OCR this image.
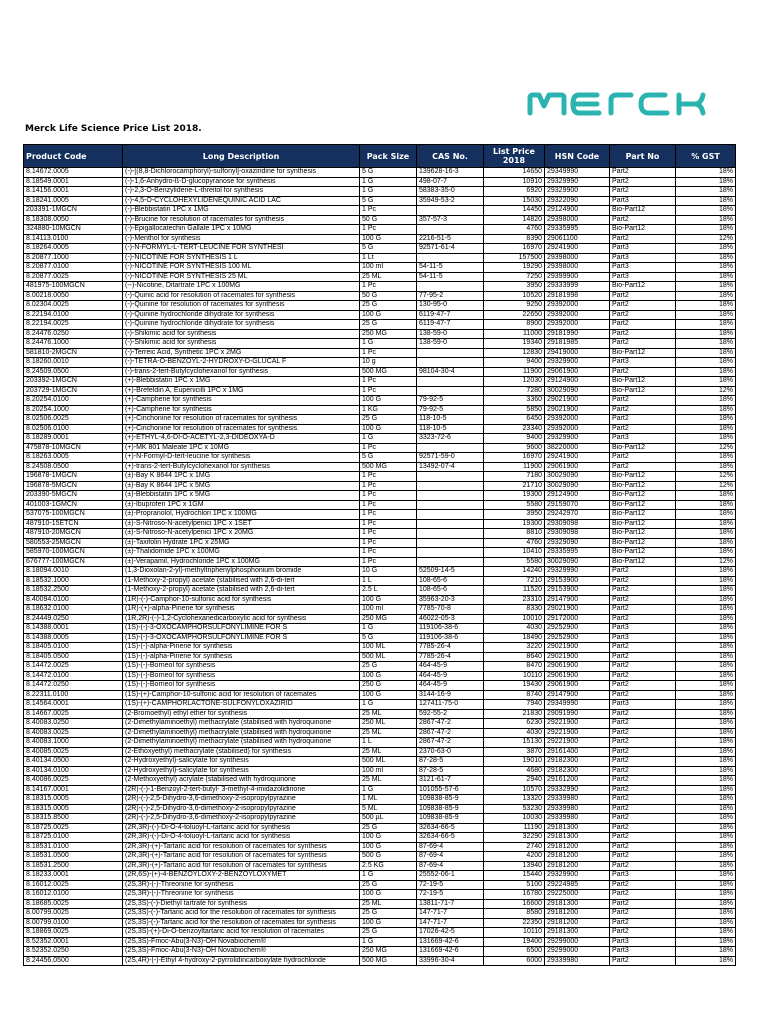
Merck Life Science Price List 2018.
Product Code	Long Description	Pack Size	CAS No.	List Price 2018	HSN Code	Part No	% GST
8.14672.0005	(-)-[(8,8-Dichlorocamphoryl)-sulfonyl]-oxaziridine for synthesis	5 G	139628-16-3	14650	29349990	Part2	18%
8.18549.0001	(-)-1,6-Anhydro-ß-D-glucopyranose for synthesis	1 G	498-07-7	10910	29329990	Part2	18%
8.14156.0001	(-)-2,3-O-Benzylidene-L-threitol for synthesis	1 G	58383-35-0	6920	29329900	Part2	18%
8.18241.0005	(-)-4,5-O-CYCLOHEXYLIDENEQUINIC ACID LAC	5 G	35949-53-2	15030	29322090	Part3	18%
203391-1MGCN	(-)-Blebbistatin 1PC x 1MG	1 Pc		14450	29124900	Bio-Part12	18%
8.18308.0050	(-)-Brucine for resolution of racemates for synthesis	50 G	357-57-3	14820	29398000	Part2	18%
324880-10MGCN	(-)-Epigallocatechin Gallate 1PC x 10MG	1 Pc		4760	29335995	Bio-Part12	18%
8.14113.0100	(-)-Menthol for synthesis	100 G	2216-51-5	8390	29061100	Part2	12%
8.18264.0005	(-)-N-FORMYL-L-TERT-LEUCINE FOR SYNTHESI	5 G	92571-61-4	16970	29241900	Part3	18%
8.20877.1000	(-)-NICOTINE FOR SYNTHESIS 1 L	1 Lt		157500	29398000	Part3	18%
8.20877.0100	(-)-NICOTINE FOR SYNTHESIS 100 ML	100 ml	54-11-5	19290	29398000	Part3	18%
8.20877.0025	(-)-NICOTINE FOR SYNTHESIS 25 ML	25 ML	54-11-5	7250	29399900	Part3	18%
481975-100MGCN	(--)-Nicotine, Ditartrate 1PC x 100MG	1 Pc		3950	29333999	Bio-Part12	18%
8.00218.0050	(-)-Quinic acid for resolution of racemates for synthesis	50 G	77-95-2	10520	29181998	Part2	18%
8.02304.0025	(-)-Quinine for resolution of racemates for synthesis	25 G	130-95-0	9250	29392000	Part2	18%
8.22194.0100	(-)-Quinine hydrochloride dihydrate for synthesis	100 G	6119-47-7	22650	29392000	Part2	18%
8.22194.0025	(-)-Quinine hydrochloride dihydrate for synthesis	25 G	6119-47-7	8900	29392000	Part2	18%
8.24476.0250	(-)-Shikimic acid for synthesis	250 MG	138-59-0	11000	29181990	Part2	18%
8.24476.1000	(-)-Shikimic acid for synthesis	1 G	138-59-0	19340	29181985	Part2	18%
581810-2MGCN	(-)-Terreic Acid, Synthetic 1PC x 2MG	1 Pc		12830	29419000	Bio-Part12	18%
8.18260.0010	(-)-TETRA-O-BENZOYL-2-HYDROXY-D-GLUCAL F	10 g		9400	29329900	Part3	18%
8.24509.0500	(-)-trans-2-tert-Butylcyclohexanol for synthesis	500 MG	98104-30-4	11900	29061900	Part2	18%
203392-1MGCN	(+)-Blebbistatin 1PC x 1MG	1 Pc		12030	29124900	Bio-Part12	18%
203729-1MGCN	(+)-Brefeldin A, Eupenicilli 1PC x 1MG	1 Pc		7280	30029090	Bio-Part12	12%
8.20254.0100	(+)-Camphene for synthesis	100 G	79-92-5	3360	29021900	Part2	18%
8.20254.1000	(+)-Camphene for synthesis	1 KG	79-92-5	5850	29021900	Part2	18%
8.02506.0025	(+)-Cinchonine for resolution of racemates for synthesis	25 G	118-10-5	6450	29392000	Part2	18%
8.02506.0100	(+)-Cinchonine for resolution of racemates for synthesis	100 G	118-10-5	23340	29392000	Part2	18%
8.18289.0001	(+)-ETHYL-4,6-DI-O-ACETYL-2,3-DIDEOXYA-D	1 G	3323-72-6	9400	29329900	Part3	18%
475878-10MGCN	(+)-MK 801 Maleate 1PC x 10MG	1 Pc		9600	38220000	Bio-Part12	12%
8.18263.0005	(+)-N-Formyl-D-tert-leucine for synthesis	5 G	92571-59-0	16970	29241900	Part2	18%
8.24508.0500	(+)-trans-2-tert-Butylcyclohexanol for synthesis	500 MG	13492-07-4	11900	29061900	Part2	18%
196878-1MGCN	(±)-Bay K 8644 1PC x 1MG	1 Pc		7180	30029090	Bio-Part12	12%
196878-5MGCN	(±)-Bay K 8644 1PC x 5MG	1 Pc		21710	30029090	Bio-Part12	12%
203390-5MGCN	(±)-Blebbistatin 1PC x 5MG	1 Pc		19300	29124900	Bio-Part12	18%
401003-1GMCN	(±)-Ibuprofen 1PC x 1GM	1 Pc		5580	29159070	Bio-Part12	18%
537075-100MGCN	(±)-Propranolol, Hydrochlori 1PC x 100MG	1 Pc		3950	29242970	Bio-Part12	18%
487910-15ETCN	(±)-S-Nitroso-N-acetylpenici 1PC x 1SET	1 Pc		19300	29309098	Bio-Part12	18%
487910-20MGCN	(±)-S-Nitroso-N-acetylpenici 1PC x 20MG	1 Pc		8810	29309098	Bio-Part12	18%
580553-25MGCN	(±)-Taxifolin Hydrate 1PC x 25MG	1 Pc		4760	29329090	Bio-Part12	18%
585970-100MGCN	(±)-Thalidomide 1PC x 100MG	1 Pc		10410	29335995	Bio-Part12	18%
676777-100MGCN	(±)-Verapamil, Hydrochloride 1PC x 100MG	1 Pc		5580	30029090	Bio-Part12	12%
8.18094.0010	(1,3-Dioxolan-2-yl)-methyltriphenylphosphonium bromide	10 G	52509-14-5	14240	29329990	Part2	18%
8.18532.1000	(1-Methoxy-2-propyl) acetate (stabilised with 2,6-di-tert	1 L	108-65-6	7210	29153900	Part2	18%
8.18532.2500	(1-Methoxy-2-propyl) acetate (stabilised with 2,6-di-tert	2.5 L	108-65-6	11520	29153900	Part2	18%
8.40094.0100	(1R)-(-)-Camphor-10-sulfonic acid for synthesis	100 G	35963-20-3	23310	29147900	Part2	18%
8.18632.0100	(1R)-(+)-alpha-Pinene for synthesis	100 ml	7785-70-8	8330	29021900	Part2	18%
8.24449.0250	(1R,2R)-(-)-1,2-Cyclohexanedicarboxylic acid for synthesis	250 MG	46022-05-3	10010	29172000	Part2	18%
8.14388.0001	(1S)-(-)-3-OXOCAMPHORSULFONYLIMINE FOR S	1 G	119106-38-6	4030	29252900	Part3	18%
8.14388.0005	(1S)-(-)-3-OXOCAMPHORSULFONYLIMINE FOR S	5 G	119106-38-6	18490	29252900	Part3	18%
8.18405.0100	(1S)-(-)-alpha-Pinene for synthesis	100 ML	7785-26-4	3220	29021900	Part2	18%
8.18405.0500	(1S)-(-)-alpha-Pinene for synthesis	500 ML	7785-26-4	8640	29021900	Part2	18%
8.14472.0025	(1S)-(-)-Borneol for synthesis	25 G	464-45-9	8470	29061900	Part2	18%
8.14472.0100	(1S)-(-)-Borneol for synthesis	100 G	464-45-9	10110	29061900	Part2	18%
8.14472.0250	(1S)-(-)-Borneol for synthesis	250 G	464-45-9	19430	29061900	Part2	18%
8.22311.0100	(1S)-(+)-Camphor-10-sulfonic acid for resolution of racemates	100 G	3144-16-9	8740	29147900	Part2	18%
8.14564.0001	(1S)-(+)-CAMPHORLACTONE-SULFONYLOXAZIRID	1 G	127411-75-0	7940	29349990	Part3	18%
8.14667.0025	(2-Bromoethyl) ethyl ether for synthesis	25 ML	592-55-2	21830	29091990	Part2	18%
8.40083.0250	(2-Dimethylaminoethyl) methacrylate (stabilised with hydroquinone	250 ML	2867-47-2	6230	29221900	Part2	18%
8.40083.0025	(2-Dimethylaminoethyl) methacrylate (stabilised with hydroquinone	25 ML	2867-47-2	4030	29221900	Part2	18%
8.40083.1000	(2-Dimethylaminoethyl) methacrylate (stabilised with hydroquinone	1 L	2867-47-2	15130	29221900	Part2	18%
8.40085.0025	(2-Ethoxyethyl) methacrylate (stabilised) for synthesis	25 ML	2370-63-0	3870	29161400	Part2	18%
8.40134.0500	(2-Hydroxyethyl)-salicylate for synthesis	500 ML	87-28-5	19010	29182300	Part2	18%
8.40134.0100	(2-Hydroxyethyl)-salicylate for synthesis	100 ml	87-28-5	4680	29182300	Part2	18%
8.40086.0025	(2-Methoxyethyl) acrylate (stabilised with hydroquinone	25 ML	3121-61-7	2940	29161200	Part2	18%
8.14167.0001	(2R)-(-)-1-Benzoyl-2-tert-butyl- 3-methyl-4-imidazolidinone	1 G	101055-57-6	10570	29332990	Part2	18%
8.18315.0005	(2R)-(-)-2,5-Dihydro-3,6-dimethoxy-2-isopropylpyrazine	1 ML	109838-85-9	13320	29339980	Part2	18%
8.18315.0005	(2R)-(-)-2,5-Dihydro-3,6-dimethoxy-2-isopropylpyrazine	5 ML	109838-85-9	53230	29339980	Part2	18%
8.18315.8500	(2R)-(-)-2,5-Dihydro-3,6-dimethoxy-2-isopropylpyrazine	500 µL	109838-85-9	10030	29339980	Part2	18%
8.18725.0025	(2R,3R)-(-)-Di-O-4-toluoyl-L-tartaric acid for synthesis	25 G	32634-66-5	11190	29181300	Part2	18%
8.18725.0100	(2R,3R)-(-)-Di-O-4-toluoyl-L-tartaric acid for synthesis	100 G	32634-66-5	32290	29181300	Part2	18%
8.18531.0100	(2R,3R)-(+)-Tartaric acid for resolution of racemates for synthesis	100 G	87-69-4	2740	29181200	Part2	18%
8.18531.0500	(2R,3R)-(+)-Tartaric acid for resolution of racemates for synthesis	500 G	87-69-4	4200	29181200	Part2	18%
8.18531.2500	(2R,3R)-(+)-Tartaric acid for resolution of racemates for synthesis	2.5 KG	87-69-4	13940	29181200	Part2	18%
8.18233.0001	(2R,6S)-(+)-4-BENZOYLOXY-2-BENZOYLOXYMET	1 G	25552-06-1	15440	29329900	Part3	18%
8.16012.0025	(2S,3R)-(-)-Threonine for synthesis	25 G	72-19-5	5100	29224985	Part2	18%
8.16012.0100	(2S,3R)-(-)-Threonine for synthesis	100 G	72-19-5	16780	29225000	Part2	18%
8.18685.0025	(2S,3S)-(-)-Diethyl tartrate for synthesis	25 ML	13811-71-7	16600	29181300	Part2	18%
8.00799.0025	(2S,3S)-(-)-Tartaric acid for the resolution of racemates for synthesis	25 G	147-71-7	8580	29181200	Part2	18%
8.00799.0100	(2S,3S)-(-)-Tartaric acid for the resolution of racemates for synthesis	100 G	147-71-7	22350	29181200	Part2	18%
8.18869.0025	(2S,3S)-(+)-Di-O-benzoyltartaric acid for resolution of racemates	25 G	17026-42-5	10110	29181300	Part2	18%
8.52352.0001	(2S,3S)-Fmoc-Abu(3-N3)-OH Novabiochem®	1 G	131669-42-6	19400	29299000	Part3	18%
8.52352.0250	(2S,3S)-Fmoc-Abu(3-N3)-OH Novabiochem®	250 MG	131669-42-6	6500	29299000	Part3	18%
8.24456.0500	(2S,4R)-(-)-Ethyl 4-hydroxy-2-pyrrolidincarboxylate hydrochloride	500 MG	33996-30-4	6000	29339980	Part2	18%
